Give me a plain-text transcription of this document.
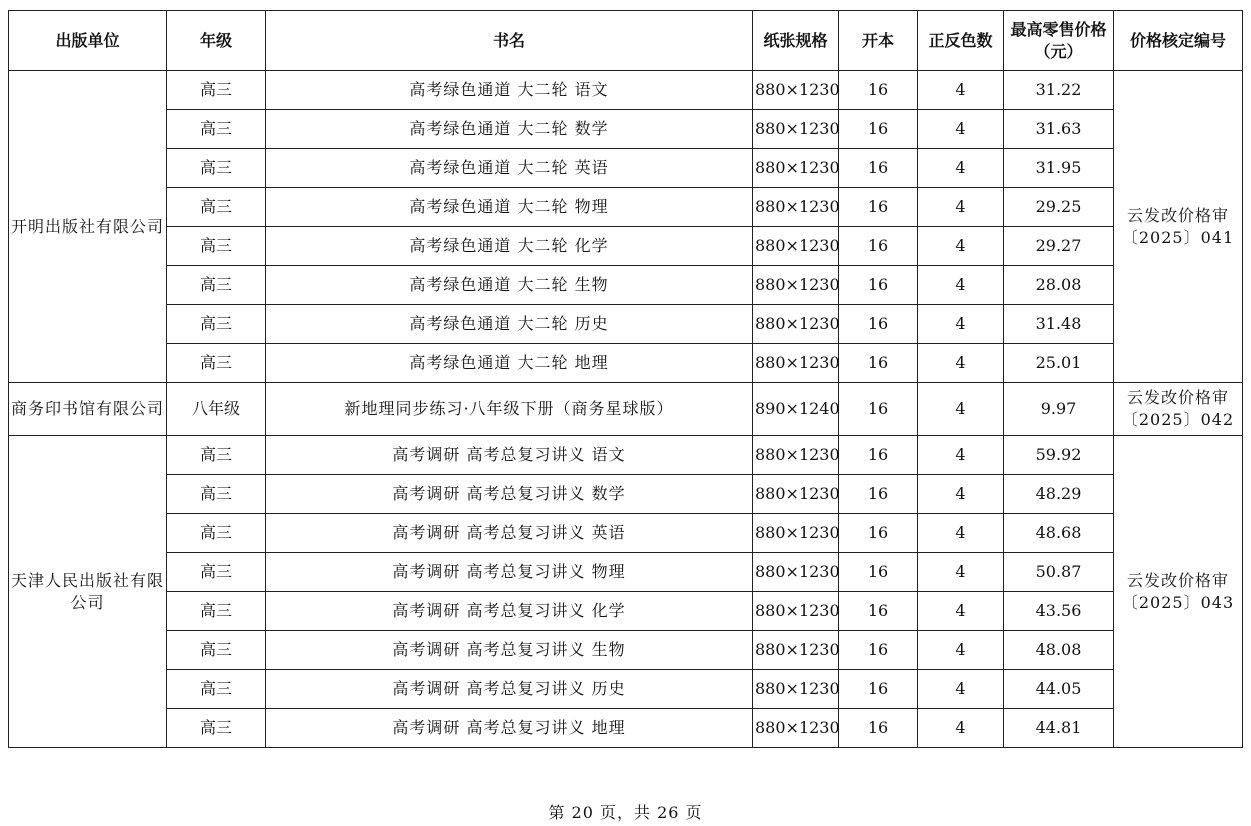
出版单位	年级	书名	纸张规格	开本	正反色数	最高零售价格（元）	价格核定编号
开明出版社有限公司	高三	高考绿色通道 大二轮 语文	880×1230	16	4	31.22	云发改价格审〔2025〕041
	高三	高考绿色通道 大二轮 数学	880×1230	16	4	31.63	
	高三	高考绿色通道 大二轮 英语	880×1230	16	4	31.95	
	高三	高考绿色通道 大二轮 物理	880×1230	16	4	29.25	
	高三	高考绿色通道 大二轮 化学	880×1230	16	4	29.27	
	高三	高考绿色通道 大二轮 生物	880×1230	16	4	28.08	
	高三	高考绿色通道 大二轮 历史	880×1230	16	4	31.48	
	高三	高考绿色通道 大二轮 地理	880×1230	16	4	25.01	
商务印书馆有限公司	八年级	新地理同步练习·八年级下册（商务星球版）	890×1240	16	4	9.97	云发改价格审〔2025〕042
天津人民出版社有限公司	高三	高考调研 高考总复习讲义 语文	880×1230	16	4	59.92	云发改价格审〔2025〕043
	高三	高考调研 高考总复习讲义 数学	880×1230	16	4	48.29	
	高三	高考调研 高考总复习讲义 英语	880×1230	16	4	48.68	
	高三	高考调研 高考总复习讲义 物理	880×1230	16	4	50.87	
	高三	高考调研 高考总复习讲义 化学	880×1230	16	4	43.56	
	高三	高考调研 高考总复习讲义 生物	880×1230	16	4	48.08	
	高三	高考调研 高考总复习讲义 历史	880×1230	16	4	44.05	
	高三	高考调研 高考总复习讲义 地理	880×1230	16	4	44.81	
第 20 页，共 26 页
